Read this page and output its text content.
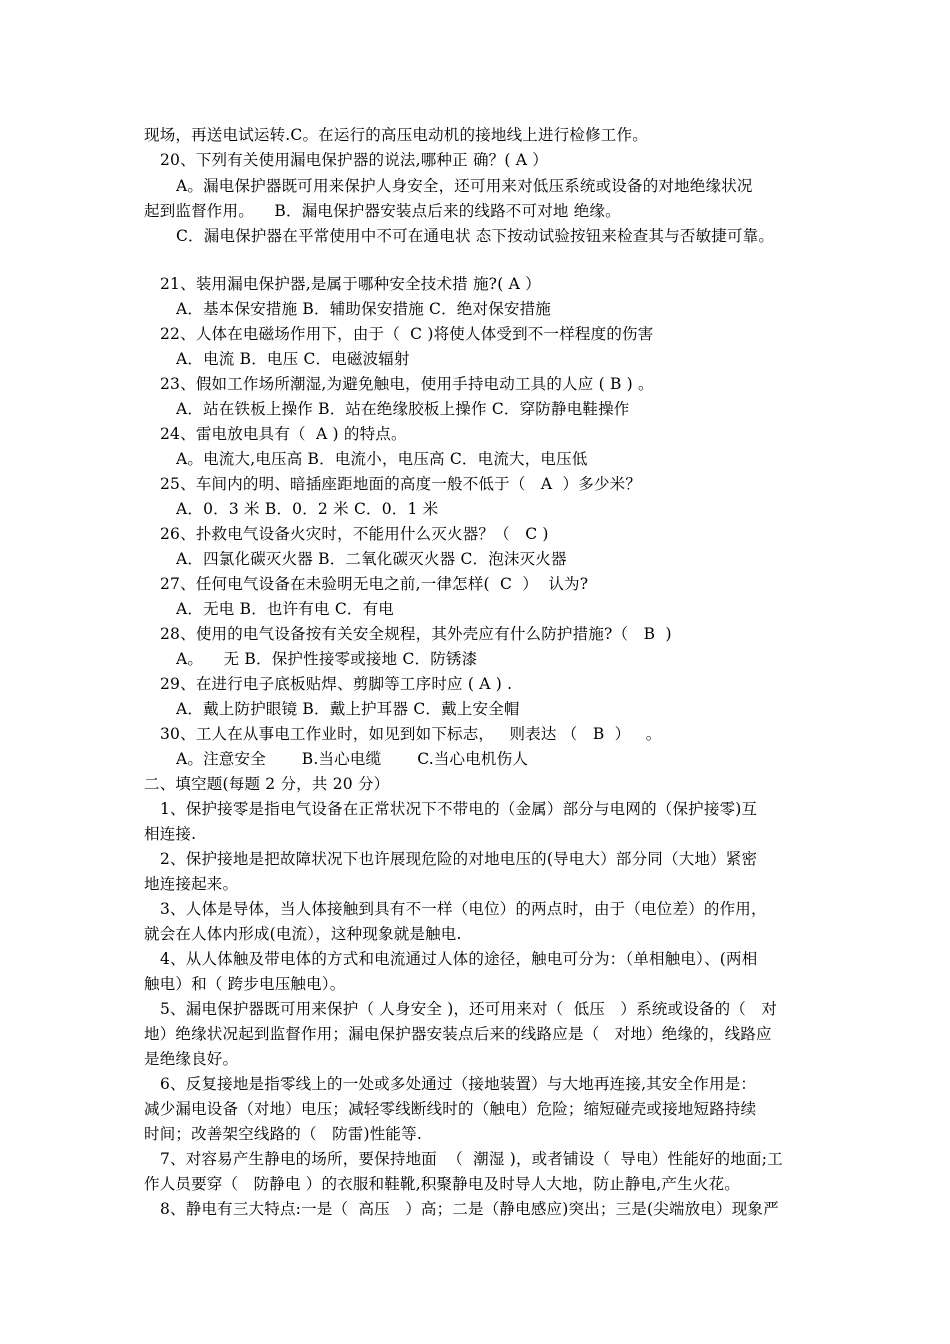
现场，再送电试运转.C。在运行的高压电动机的接地线上进行检修工作。
20、下列有关使用漏电保护器的说法,哪种正 确？( A ）
A。漏电保护器既可用来保护人身安全，还可用来对低压系统或设备的对地绝缘状况
起到监督作用。    B．漏电保护器安装点后来的线路不可对地 绝缘。
C．漏电保护器在平常使用中不可在通电状 态下按动试验按钮来检查其与否敏捷可靠。
21、装用漏电保护器,是属于哪种安全技术措 施?( A ）
A．基本保安措施 B．辅助保安措施 C．绝对保安措施
22、人体在电磁场作用下，由于（  C )将使人体受到不一样程度的伤害
A．电流 B．电压 C．电磁波辐射
23、假如工作场所潮湿,为避免触电，使用手持电动工具的人应 ( B ) 。
A．站在铁板上操作 B．站在绝缘胶板上操作 C．穿防静电鞋操作
24、雷电放电具有（  A ) 的特点。
A。电流大,电压高 B．电流小，电压高 C．电流大，电压低
25、车间内的明、暗插座距地面的高度一般不低于（   A  ）多少米？
A．0．3 米 B．0．2 米 C．0．1 米
26、扑救电气设备火灾时，不能用什么灭火器？（   C )
A．四氯化碳灭火器 B．二氧化碳灭火器 C．泡沫灭火器
27、任何电气设备在未验明无电之前,一律怎样(  C  ）  认为?
A．无电 B．也许有电 C．有电
28、使用的电气设备按有关安全规程，其外壳应有什么防护措施?（   B  )
A。    无 B．保护性接零或接地 C．防锈漆
29、在进行电子底板贴焊、剪脚等工序时应 ( A ) .
A．戴上防护眼镜 B．戴上护耳器 C．戴上安全帽
30、工人在从事电工作业时，如见到如下标志，   则表达 （   B  ）   。
A。注意安全       B.当心电缆       C.当心电机伤人
二、填空题(每题 2 分，共 20 分）
1、保护接零是指电气设备在正常状况下不带电的（金属）部分与电网的（保护接零)互
相连接.
2、保护接地是把故障状况下也许展现危险的对地电压的(导电大）部分同（大地）紧密
地连接起来。
3、人体是导体，当人体接触到具有不一样（电位）的两点时，由于（电位差）的作用，
就会在人体内形成(电流），这种现象就是触电.
4、从人体触及带电体的方式和电流通过人体的途径，触电可分为：（单相触电）、(两相
触电）和（ 跨步电压触电）。
5、漏电保护器既可用来保护（ 人身安全 )，还可用来对（  低压   ）系统或设备的（   对
地）绝缘状况起到监督作用；漏电保护器安装点后来的线路应是（   对地）绝缘的，线路应
是绝缘良好。
6、反复接地是指零线上的一处或多处通过（接地装置）与大地再连接,其安全作用是：
减少漏电设备（对地）电压；减轻零线断线时的（触电）危险；缩短碰壳或接地短路持续
时间；改善架空线路的（   防雷)性能等.
7、对容易产生静电的场所，要保持地面  （  潮湿 )，或者铺设（  导电）性能好的地面;工
作人员要穿（   防静电 ）的衣服和鞋靴,积聚静电及时导人大地，防止静电,产生火花。
8、静电有三大特点:一是（  高压   ）高；二是（静电感应)突出；三是(尖端放电）现象严
